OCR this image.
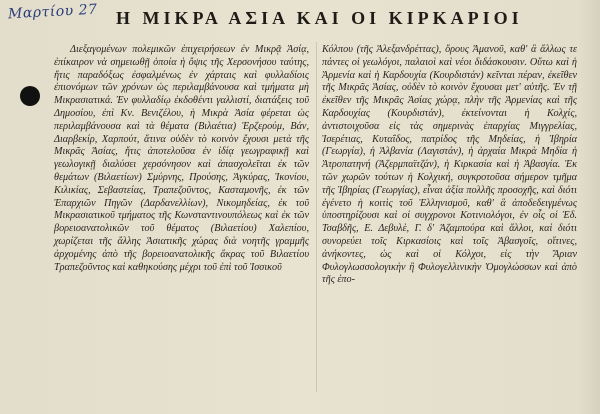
Μαρτίου 27 Η ΜΙΚΡΑ ΑΣΙΑ ΚΑΙ ΟΙ ΚΙΡΚΑΡΙΟΙ
Διεξαγομένων πολεμικῶν ἐπιχειρήσεων ἐν Μικρᾷ Ἀσίᾳ, ἐπίκαιρον νὰ σημειωθῇ ὁποία ἡ ὄψις τῆς Χερσονήσου ταύτης, ἥτις παραδόξως ἐσφαλμένως ἐν χάρταις καὶ φυλλαδίοις ἐπιονόμων τῶν χρόνων ὡς περιλαμβάνουσα καὶ τμήματα μὴ Μικρασιατικά. Ἐν φυλλαδίῳ ἐκδοθέντι γαλλιστί, διατάξεις τοῦ Δημοσίου, ἐπὶ Κν. Βενιζέλου, ἡ Μικρὰ Ἀσία φέρεται ὡς περιλαμβάνουσα καὶ τὰ θέματα (Βιλαέτια) Ἐρζερούμ, Βάν, Διαρβεκίρ, Χαρπούτ, ἅτινα οὐδὲν τὸ κοινὸν ἔχουσι μετὰ τῆς Μικρᾶς Ἀσίας, ἥτις ἀποτελοῦσα ἐν ἰδίᾳ γεωγραφικῇ καὶ γεωλογικῇ διαλύσει χερσόνησον καὶ ἀπασχολεῖται ἐκ τῶν θεμάτων (Βιλαετίων) Σμύρνης, Προύσης, Ἀγκύρας, Ἰκονίου, Κιλικίας, Σεβαστείας, Τραπεζοῦντος, Κασταμονῆς, ἐκ τῶν Ἐπαρχιῶν Πηγῶν (Δαρδανελλίων), Νικομηδείας, ἐκ τοῦ Μικρασιατικοῦ τμήματος τῆς Κωνσταντινουπόλεως καὶ ἐκ τῶν βορειοανατολικῶν τοῦ θέματος (Βιλαετίου) Χαλεπίου, χωρίζεται τῆς ἄλλης Ἀσιατικῆς χώρας διὰ νοητῆς γραμμῆς ἀρχομένης ἀπὸ τῆς βορειοανατολικῆς ἄκρας τοῦ Βιλαετίου Τραπεζοῦντος καὶ καθηκούσης μέχρι τοῦ ἐπὶ τοῦ Ἰσσικοῦ
Κόλπου (τῆς Ἀλεξανδρέττας), ὅρους Ἀμανοῦ, καθ' ἃ ἄλλως τε πάντες οἱ γεωλόγοι, παλαιοὶ καὶ νέοι διδάσκουσιν. Οὕτω καὶ ἡ Ἀρμενία καὶ ἡ Καρδουχία (Κουρδιστάν) κεῖνται πέραν, ἐκεῖθεν τῆς Μικρᾶς Ἀσίας, οὐδὲν τὸ κοινὸν ἔχουσαι μετ' αὐτῆς. Ἐν τῇ ἐκεῖθεν τῆς Μικρᾶς Ἀσίας χώρᾳ, πλὴν τῆς Ἀρμενίας καὶ τῆς Καρδουχίας (Κουρδιστάν), ἐκτείνονται ἡ Κολχίς, ἀντιστοιχοῦσα εἰς τὰς σημερινὰς ἐπαρχίας Μιγγρελίας, Ἰσερέτιας, Κυταΐδος, πατρίδος τῆς Μηδείας, ἡ Ἰβηρία (Γεωργία), ἡ Ἀλβανία (Λαγιστάν), ἡ ἀρχαία Μικρὰ Μηδία ἡ Ἀτροπατηνή (Ἀζερμπαϊτζάν), ἡ Κιρκασία καὶ ἡ Ἀβασγία. Ἐκ τῶν χωρῶν τούτων ἡ Κολχική, συγκροτοῦσα σήμερον τμῆμα τῆς Ἰβηρίας (Γεωργίας), εἶναι ἀξία πολλῆς προσοχῆς, καὶ διότι ἐγένετο ἡ κοιτὶς τοῦ Ἑλληνισμοῦ, καθ' ἃ ἀποδεδειγμένως ὑποστηρίζουσι καὶ οἱ συγχρονοι Κοτινιολόγοι, ἐν οἷς οἱ Ἐδ. Τσαβδῆς, Ε. Δεβυλὲ, Γ. δ' Ἀζαμπούρα καὶ ἄλλοι, καὶ διότι συνορεύει τοῖς Κιρκασίοις καὶ τοῖς Ἀβασγοῖς, οἵτινες, ἀνήκοντες, ὡς καὶ οἱ Κόλχοι, εἰς τὴν Ἄριαν Φυλογλωσσολογικὴν ἢ Φυλογελλινικὴν Ὁμογλώσσων καὶ ἀπὸ τῆς ἐπο-
